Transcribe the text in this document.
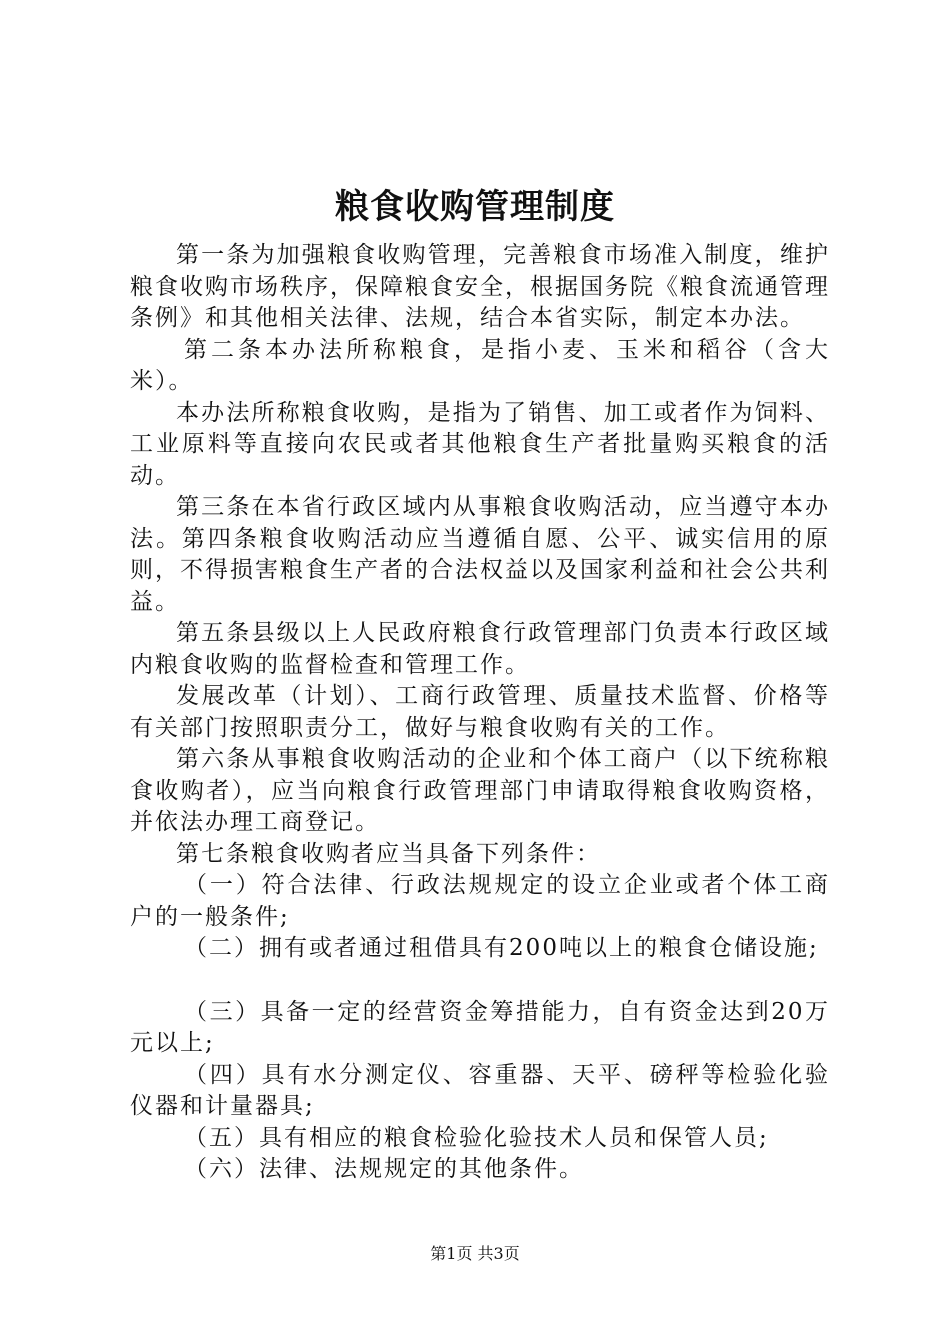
粮食收购管理制度

第一条为加强粮食收购管理，完善粮食市场准入制度，维护粮食收购市场秩序，保障粮食安全，根据国务院《粮食流通管理条例》和其他相关法律、法规，结合本省实际，制定本办法。

第二条本办法所称粮食，是指小麦、玉米和稻谷（含大米）。

本办法所称粮食收购，是指为了销售、加工或者作为饲料、工业原料等直接向农民或者其他粮食生产者批量购买粮食的活动。

第三条在本省行政区域内从事粮食收购活动，应当遵守本办法。第四条粮食收购活动应当遵循自愿、公平、诚实信用的原则，不得损害粮食生产者的合法权益以及国家利益和社会公共利益。

第五条县级以上人民政府粮食行政管理部门负责本行政区域内粮食收购的监督检查和管理工作。

发展改革（计划）、工商行政管理、质量技术监督、价格等有关部门按照职责分工，做好与粮食收购有关的工作。

第六条从事粮食收购活动的企业和个体工商户（以下统称粮食收购者），应当向粮食行政管理部门申请取得粮食收购资格，并依法办理工商登记。

第七条粮食收购者应当具备下列条件：

（一）符合法律、行政法规规定的设立企业或者个体工商户的一般条件;

（二）拥有或者通过租借具有200吨以上的粮食仓储设施;

（三）具备一定的经营资金筹措能力，自有资金达到20万元以上;

（四）具有水分测定仪、容重器、天平、磅秤等检验化验仪器和计量器具;

（五）具有相应的粮食检验化验技术人员和保管人员;

（六）法律、法规规定的其他条件。

第1页 共3页
